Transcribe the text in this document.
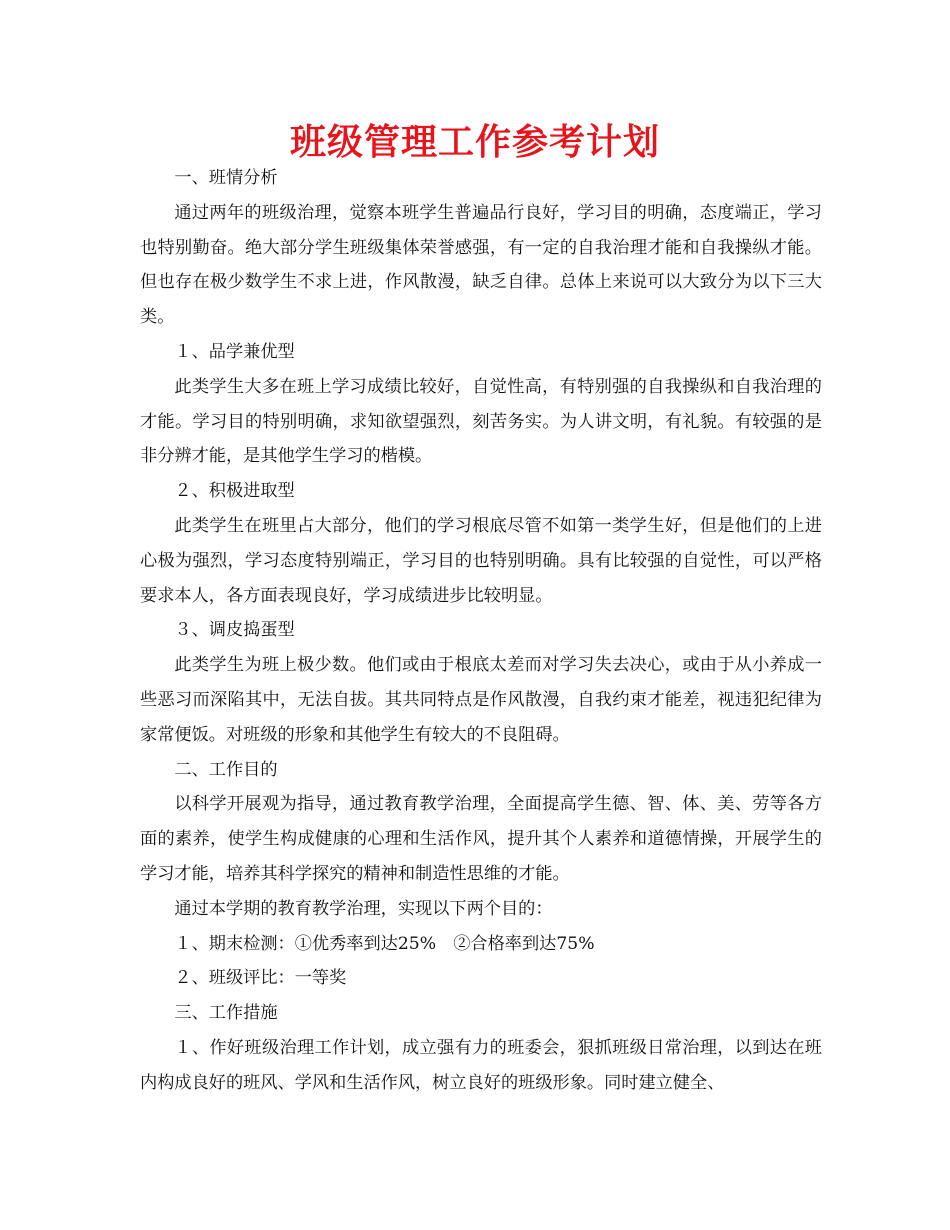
班级管理工作参考计划

一、班情分析

通过两年的班级治理，觉察本班学生普遍品行良好，学习目的明确，态度端正，学习也特别勤奋。绝大部分学生班级集体荣誉感强，有一定的自我治理才能和自我操纵才能。但也存在极少数学生不求上进，作风散漫，缺乏自律。总体上来说可以大致分为以下三大类。

１、品学兼优型

此类学生大多在班上学习成绩比较好，自觉性高，有特别强的自我操纵和自我治理的才能。学习目的特别明确，求知欲望强烈，刻苦务实。为人讲文明，有礼貌。有较强的是非分辨才能，是其他学生学习的楷模。

２、积极进取型

此类学生在班里占大部分，他们的学习根底尽管不如第一类学生好，但是他们的上进心极为强烈，学习态度特别端正，学习目的也特别明确。具有比较强的自觉性，可以严格要求本人，各方面表现良好，学习成绩进步比较明显。

３、调皮捣蛋型

此类学生为班上极少数。他们或由于根底太差而对学习失去决心，或由于从小养成一些恶习而深陷其中，无法自拔。其共同特点是作风散漫，自我约束才能差，视违犯纪律为家常便饭。对班级的形象和其他学生有较大的不良阻碍。

二、工作目的

以科学开展观为指导，通过教育教学治理，全面提高学生德、智、体、美、劳等各方面的素养，使学生构成健康的心理和生活作风，提升其个人素养和道德情操，开展学生的学习才能，培养其科学探究的精神和制造性思维的才能。

通过本学期的教育教学治理，实现以下两个目的：

１、期末检测：①优秀率到达25%　②合格率到达75%

２、班级评比：一等奖

三、工作措施

１、作好班级治理工作计划，成立强有力的班委会，狠抓班级日常治理，以到达在班内构成良好的班风、学风和生活作风，树立良好的班级形象。同时建立健全、
